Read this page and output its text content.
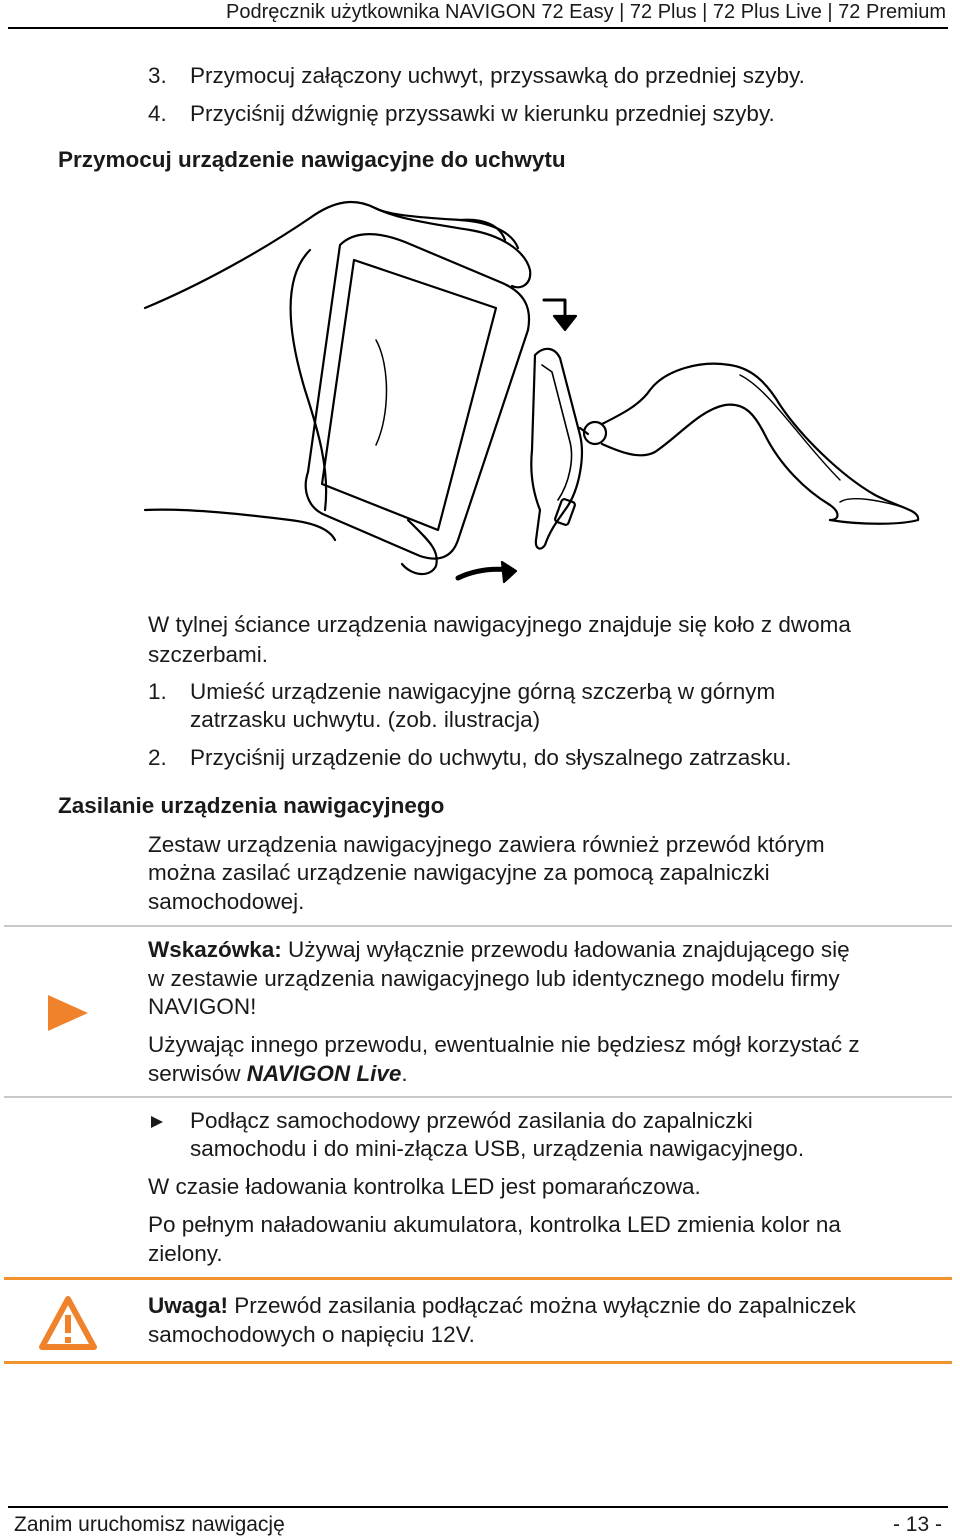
Podręcznik użytkownika NAVIGON 72 Easy | 72 Plus | 72 Plus Live | 72 Premium
3. Przymocuj załączony uchwyt, przyssawką do przedniej szyby.
4. Przyciśnij dźwignię przyssawki w kierunku przedniej szyby.
Przymocuj urządzenie nawigacyjne do uchwytu
W tylnej ściance urządzenia nawigacyjnego znajduje się koło z dwoma
szczerbami.
1. Umieść urządzenie nawigacyjne górną szczerbą w górnym
zatrzasku uchwytu. (zob. ilustracja)
2. Przyciśnij urządzenie do uchwytu, do słyszalnego zatrzasku.
Zasilanie urządzenia nawigacyjnego
Zestaw urządzenia nawigacyjnego zawiera również przewód którym
można zasilać urządzenie nawigacyjne za pomocą zapalniczki
samochodowej.
Wskazówka: Używaj wyłącznie przewodu ładowania znajdującego się
w zestawie urządzenia nawigacyjnego lub identycznego modelu firmy
NAVIGON!
Używając innego przewodu, ewentualnie nie będziesz mógł korzystać z
serwisów NAVIGON Live.
Podłącz samochodowy przewód zasilania do zapalniczki
samochodu i do mini-złącza USB, urządzenia nawigacyjnego.
W czasie ładowania kontrolka LED jest pomarańczowa.
Po pełnym naładowaniu akumulatora, kontrolka LED zmienia kolor na
zielony.
Uwaga! Przewód zasilania podłączać można wyłącznie do zapalniczek
samochodowych o napięciu 12V.
Zanim uruchomisz nawigację	- 13 -
